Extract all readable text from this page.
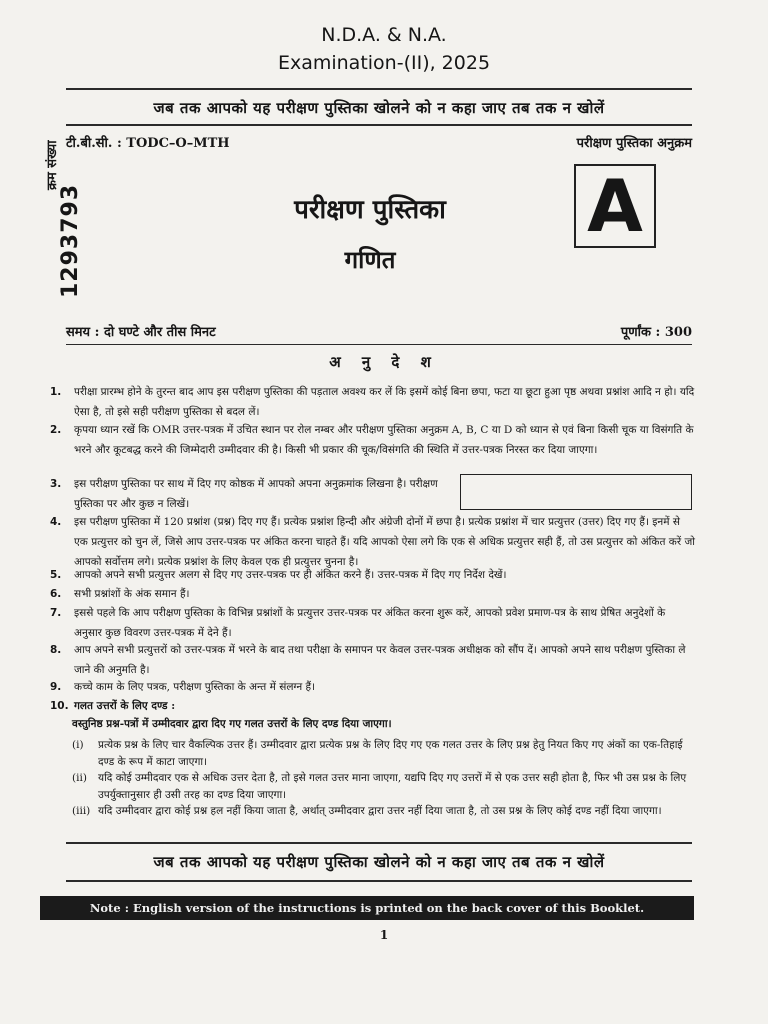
N.D.A. & N.A.
Examination-(II), 2025
जब तक आपको यह परीक्षण पुस्तिका खोलने को न कहा जाए तब तक न खोलें
टी.बी.सी. : TODC–O–MTH	परीक्षण पुस्तिका अनुक्रम
क्रम संख्या
1293793	परीक्षण पुस्तिका
गणित
A
समय : दो घण्टे और तीस मिनट	पूर्णांक : 300
अ नु दे श
1.	परीक्षा प्रारम्भ होने के तुरन्त बाद आप इस परीक्षण पुस्तिका की पड़ताल अवश्य कर लें कि इसमें कोई बिना छपा, फटा या छूटा हुआ पृष्ठ अथवा प्रश्नांश आदि न हो। यदि ऐसा है, तो इसे सही परीक्षण पुस्तिका से बदल लें।
2.	कृपया ध्यान रखें कि OMR उत्तर-पत्रक में उचित स्थान पर रोल नम्बर और परीक्षण पुस्तिका अनुक्रम A, B, C या D को ध्यान से एवं बिना किसी चूक या विसंगति के भरने और कूटबद्ध करने की जिम्मेदारी उम्मीदवार की है। किसी भी प्रकार की चूक/विसंगति की स्थिति में उत्तर-पत्रक निरस्त कर दिया जाएगा।
3.	इस परीक्षण पुस्तिका पर साथ में दिए गए कोष्ठक में आपको अपना अनुक्रमांक लिखना है। परीक्षण पुस्तिका पर और कुछ न लिखें।
4.	इस परीक्षण पुस्तिका में 120 प्रश्नांश (प्रश्न) दिए गए हैं। प्रत्येक प्रश्नांश हिन्दी और अंग्रेजी दोनों में छपा है। प्रत्येक प्रश्नांश में चार प्रत्युत्तर (उत्तर) दिए गए हैं। इनमें से एक प्रत्युत्तर को चुन लें, जिसे आप उत्तर-पत्रक पर अंकित करना चाहते हैं। यदि आपको ऐसा लगे कि एक से अधिक प्रत्युत्तर सही हैं, तो उस प्रत्युत्तर को अंकित करें जो आपको सर्वोत्तम लगे। प्रत्येक प्रश्नांश के लिए केवल एक ही प्रत्युत्तर चुनना है।
5.	आपको अपने सभी प्रत्युत्तर अलग से दिए गए उत्तर-पत्रक पर ही अंकित करने हैं। उत्तर-पत्रक में दिए गए निर्देश देखें।
6.	सभी प्रश्नांशों के अंक समान हैं।
7.	इससे पहले कि आप परीक्षण पुस्तिका के विभिन्न प्रश्नांशों के प्रत्युत्तर उत्तर-पत्रक पर अंकित करना शुरू करें, आपको प्रवेश प्रमाण-पत्र के साथ प्रेषित अनुदेशों के अनुसार कुछ विवरण उत्तर-पत्रक में देने हैं।
8.	आप अपने सभी प्रत्युत्तरों को उत्तर-पत्रक में भरने के बाद तथा परीक्षा के समापन पर केवल उत्तर-पत्रक अधीक्षक को सौंप दें। आपको अपने साथ परीक्षण पुस्तिका ले जाने की अनुमति है।
9.	कच्चे काम के लिए पत्रक, परीक्षण पुस्तिका के अन्त में संलग्न हैं।
10. गलत उत्तरों के लिए दण्ड :
वस्तुनिष्ठ प्रश्न-पत्रों में उम्मीदवार द्वारा दिए गए गलत उत्तरों के लिए दण्ड दिया जाएगा।
(i)	प्रत्येक प्रश्न के लिए चार वैकल्पिक उत्तर हैं। उम्मीदवार द्वारा प्रत्येक प्रश्न के लिए दिए गए एक गलत उत्तर के लिए प्रश्न हेतु नियत किए गए अंकों का एक-तिहाई दण्ड के रूप में काटा जाएगा।
(ii)	यदि कोई उम्मीदवार एक से अधिक उत्तर देता है, तो इसे गलत उत्तर माना जाएगा, यद्यपि दिए गए उत्तरों में से एक उत्तर सही होता है, फिर भी उस प्रश्न के लिए उपर्युक्तानुसार ही उसी तरह का दण्ड दिया जाएगा।
(iii) यदि उम्मीदवार द्वारा कोई प्रश्न हल नहीं किया जाता है, अर्थात् उम्मीदवार द्वारा उत्तर नहीं दिया जाता है, तो उस प्रश्न के लिए कोई दण्ड नहीं दिया जाएगा।
जब तक आपको यह परीक्षण पुस्तिका खोलने को न कहा जाए तब तक न खोलें
Note : English version of the instructions is printed on the back cover of this Booklet.
1
